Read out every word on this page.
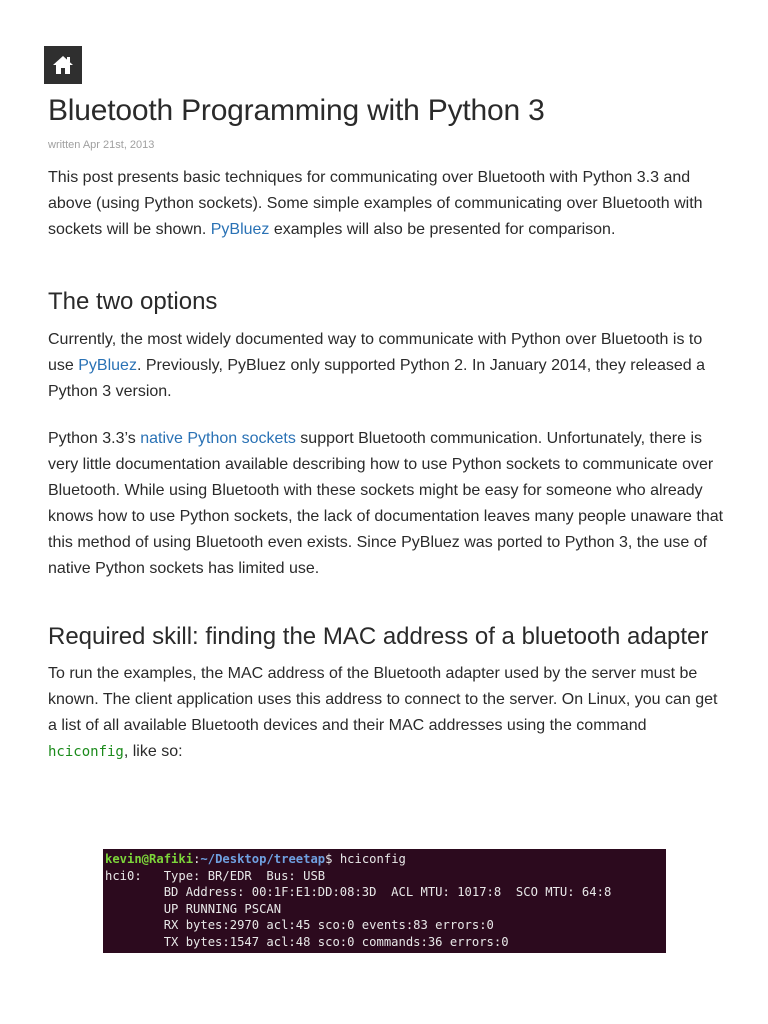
Bluetooth Programming with Python 3
written Apr 21st, 2013

This post presents basic techniques for communicating over Bluetooth with Python 3.3 and above (using Python sockets). Some simple examples of communicating over Bluetooth with sockets will be shown. PyBluez examples will also be presented for comparison.

The two options

Currently, the most widely documented way to communicate with Python over Bluetooth is to use PyBluez. Previously, PyBluez only supported Python 2. In January 2014, they released a Python 3 version.

Python 3.3’s native Python sockets support Bluetooth communication. Unfortunately, there is very little documentation available describing how to use Python sockets to communicate over Bluetooth. While using Bluetooth with these sockets might be easy for someone who already knows how to use Python sockets, the lack of documentation leaves many people unaware that this method of using Bluetooth even exists. Since PyBluez was ported to Python 3, the use of native Python sockets has limited use.

Required skill: finding the MAC address of a bluetooth adapter

To run the examples, the MAC address of the Bluetooth adapter used by the server must be known. The client application uses this address to connect to the server. On Linux, you can get a list of all available Bluetooth devices and their MAC addresses using the command hciconfig, like so:

kevin@Rafiki:~/Desktop/treetap$ hciconfig
hci0:   Type: BR/EDR  Bus: USB
BD Address: 00:1F:E1:DD:08:3D  ACL MTU: 1017:8  SCO MTU: 64:8
UP RUNNING PSCAN
RX bytes:2970 acl:45 sco:0 events:83 errors:0
TX bytes:1547 acl:48 sco:0 commands:36 errors:0
